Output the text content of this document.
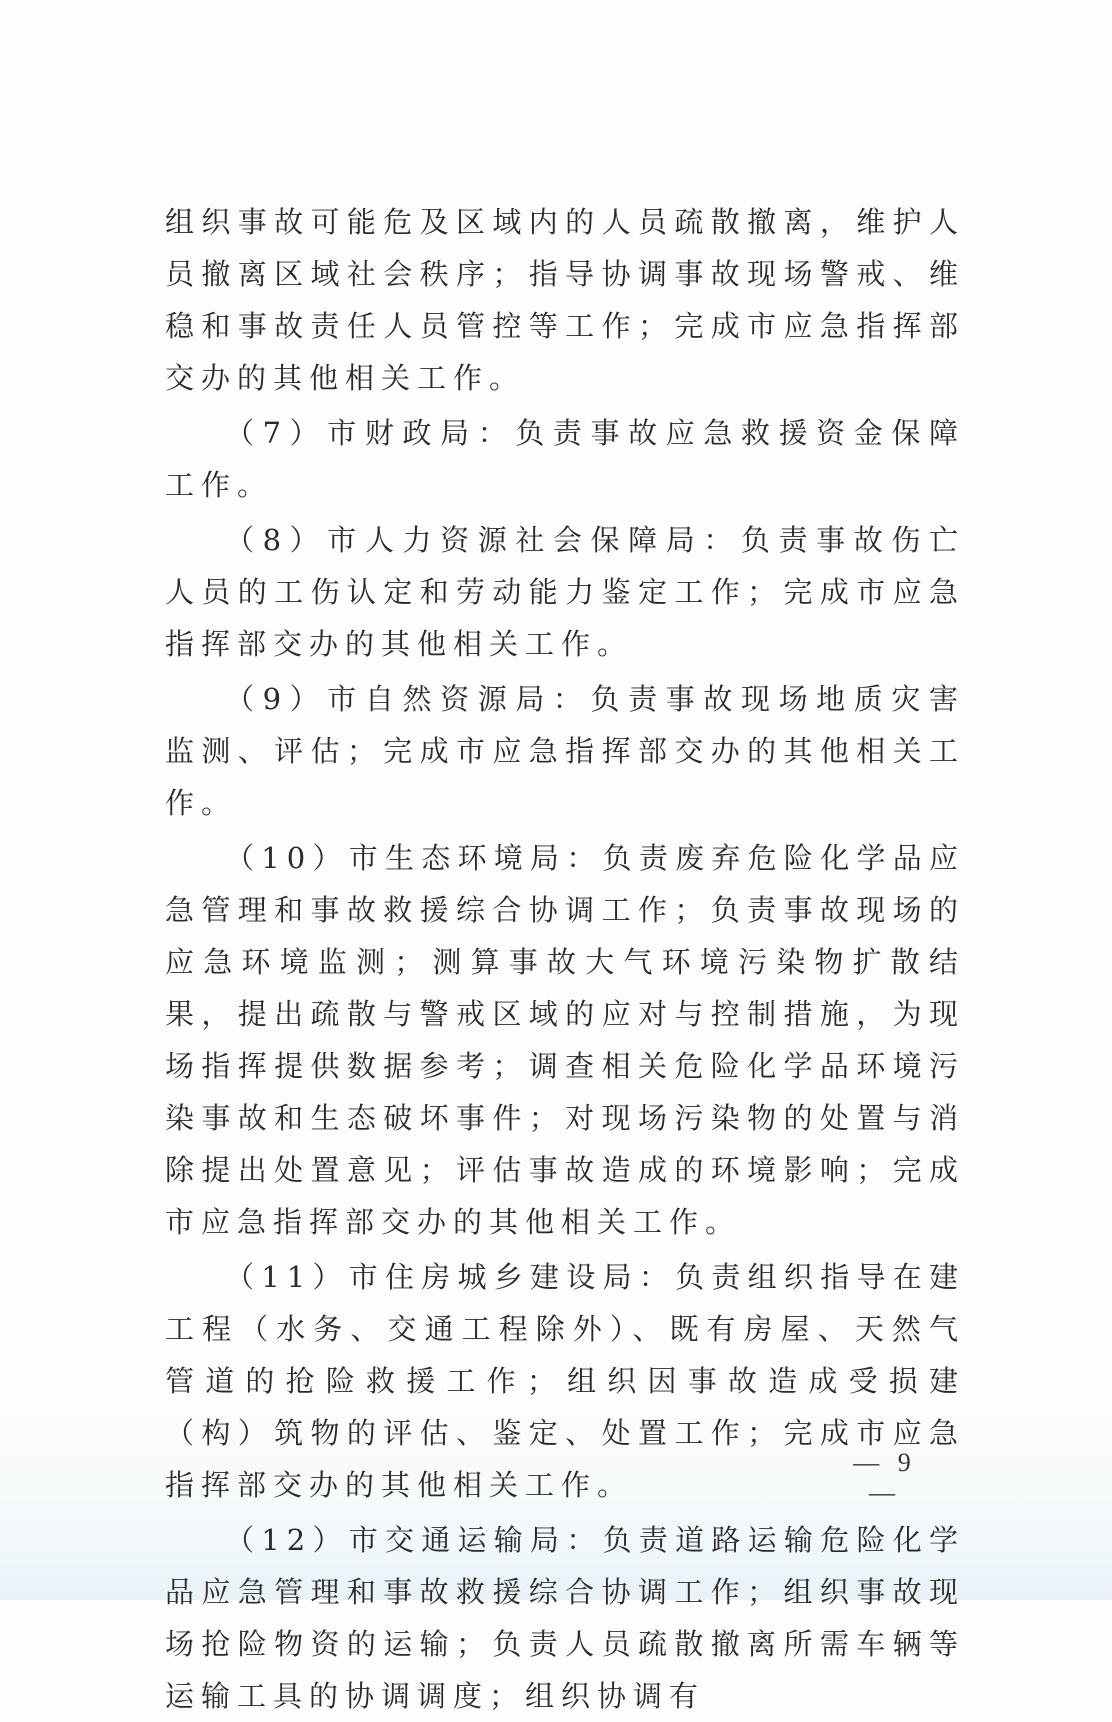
组织事故可能危及区域内的人员疏散撤离，维护人员撤离区域社会秩序；指导协调事故现场警戒、维稳和事故责任人员管控等工作；完成市应急指挥部交办的其他相关工作。

（7）市财政局：负责事故应急救援资金保障工作。

（8）市人力资源社会保障局：负责事故伤亡人员的工伤认定和劳动能力鉴定工作；完成市应急指挥部交办的其他相关工作。

（9）市自然资源局：负责事故现场地质灾害监测、评估；完成市应急指挥部交办的其他相关工作。

（10）市生态环境局：负责废弃危险化学品应急管理和事故救援综合协调工作；负责事故现场的应急环境监测；测算事故大气环境污染物扩散结果，提出疏散与警戒区域的应对与控制措施，为现场指挥提供数据参考；调查相关危险化学品环境污染事故和生态破坏事件；对现场污染物的处置与消除提出处置意见；评估事故造成的环境影响；完成市应急指挥部交办的其他相关工作。

（11）市住房城乡建设局：负责组织指导在建工程（水务、交通工程除外）、既有房屋、天然气管道的抢险救援工作；组织因事故造成受损建（构）筑物的评估、鉴定、处置工作；完成市应急指挥部交办的其他相关工作。

（12）市交通运输局：负责道路运输危险化学品应急管理和事故救援综合协调工作；组织事故现场抢险物资的运输；负责人员疏散撤离所需车辆等运输工具的协调调度；组织协调有

— 9 —
